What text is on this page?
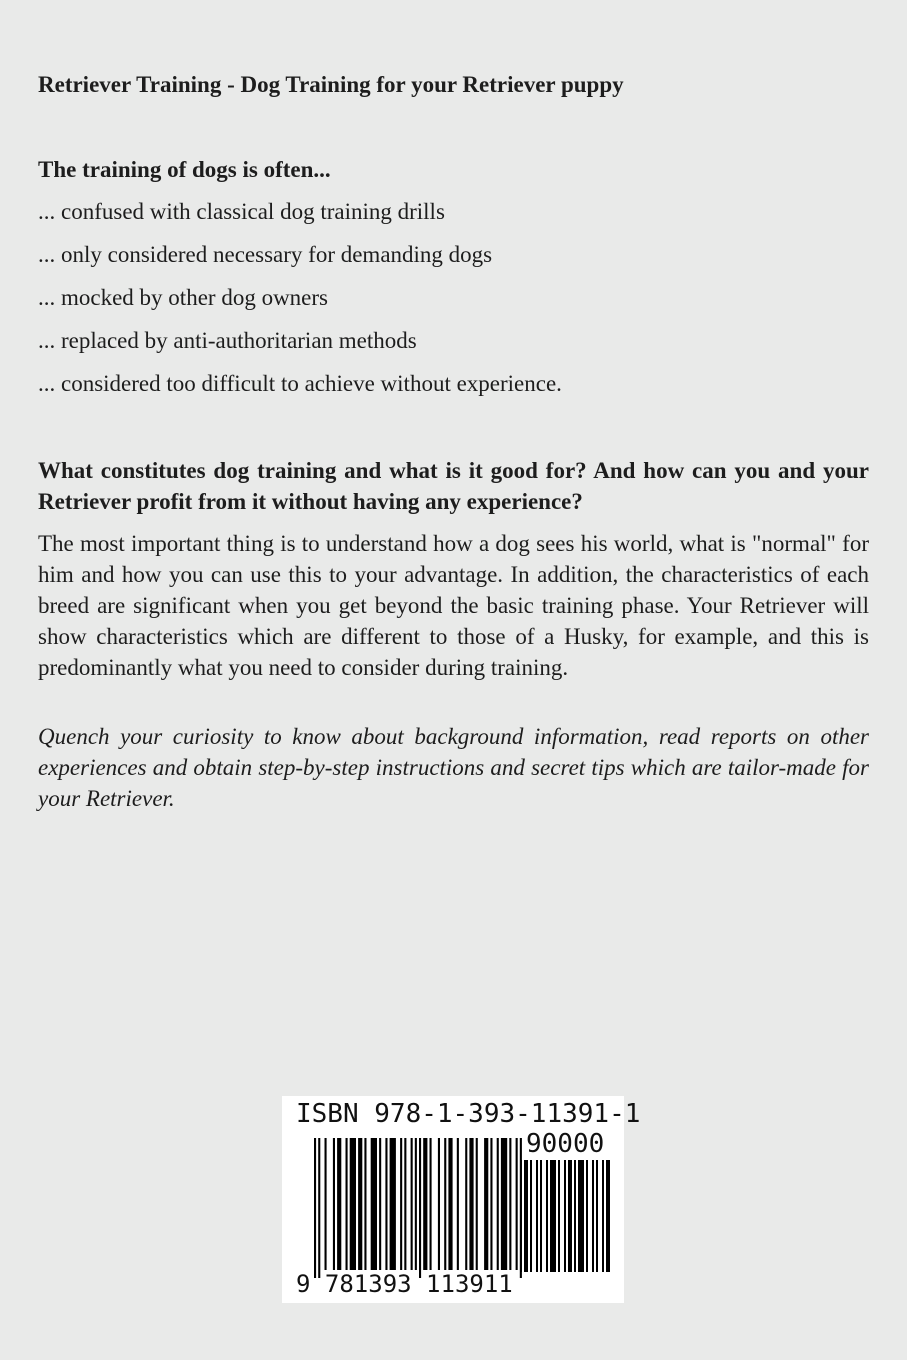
Retriever Training - Dog Training for your Retriever puppy
The training of dogs is often...
... confused with classical dog training drills
... only considered necessary for demanding dogs
... mocked by other dog owners
... replaced by anti-authoritarian methods
... considered too difficult to achieve without experience.

What constitutes dog training and what is it good for? And how can you and your Retriever profit from it without having any experience?

The most important thing is to understand how a dog sees his world, what is "normal" for him and how you can use this to your advantage. In addition, the characteristics of each breed are significant when you get beyond the basic training phase. Your Retriever will show characteristics which are different to those of a Husky, for example, and this is predominantly what you need to consider during training.

Quench your curiosity to know about background information, read reports on other experiences and obtain step-by-step instructions and secret tips which are tailor-made for your Retriever.

ISBN 978-1-393-11391-1
90000
9 781393 113911
